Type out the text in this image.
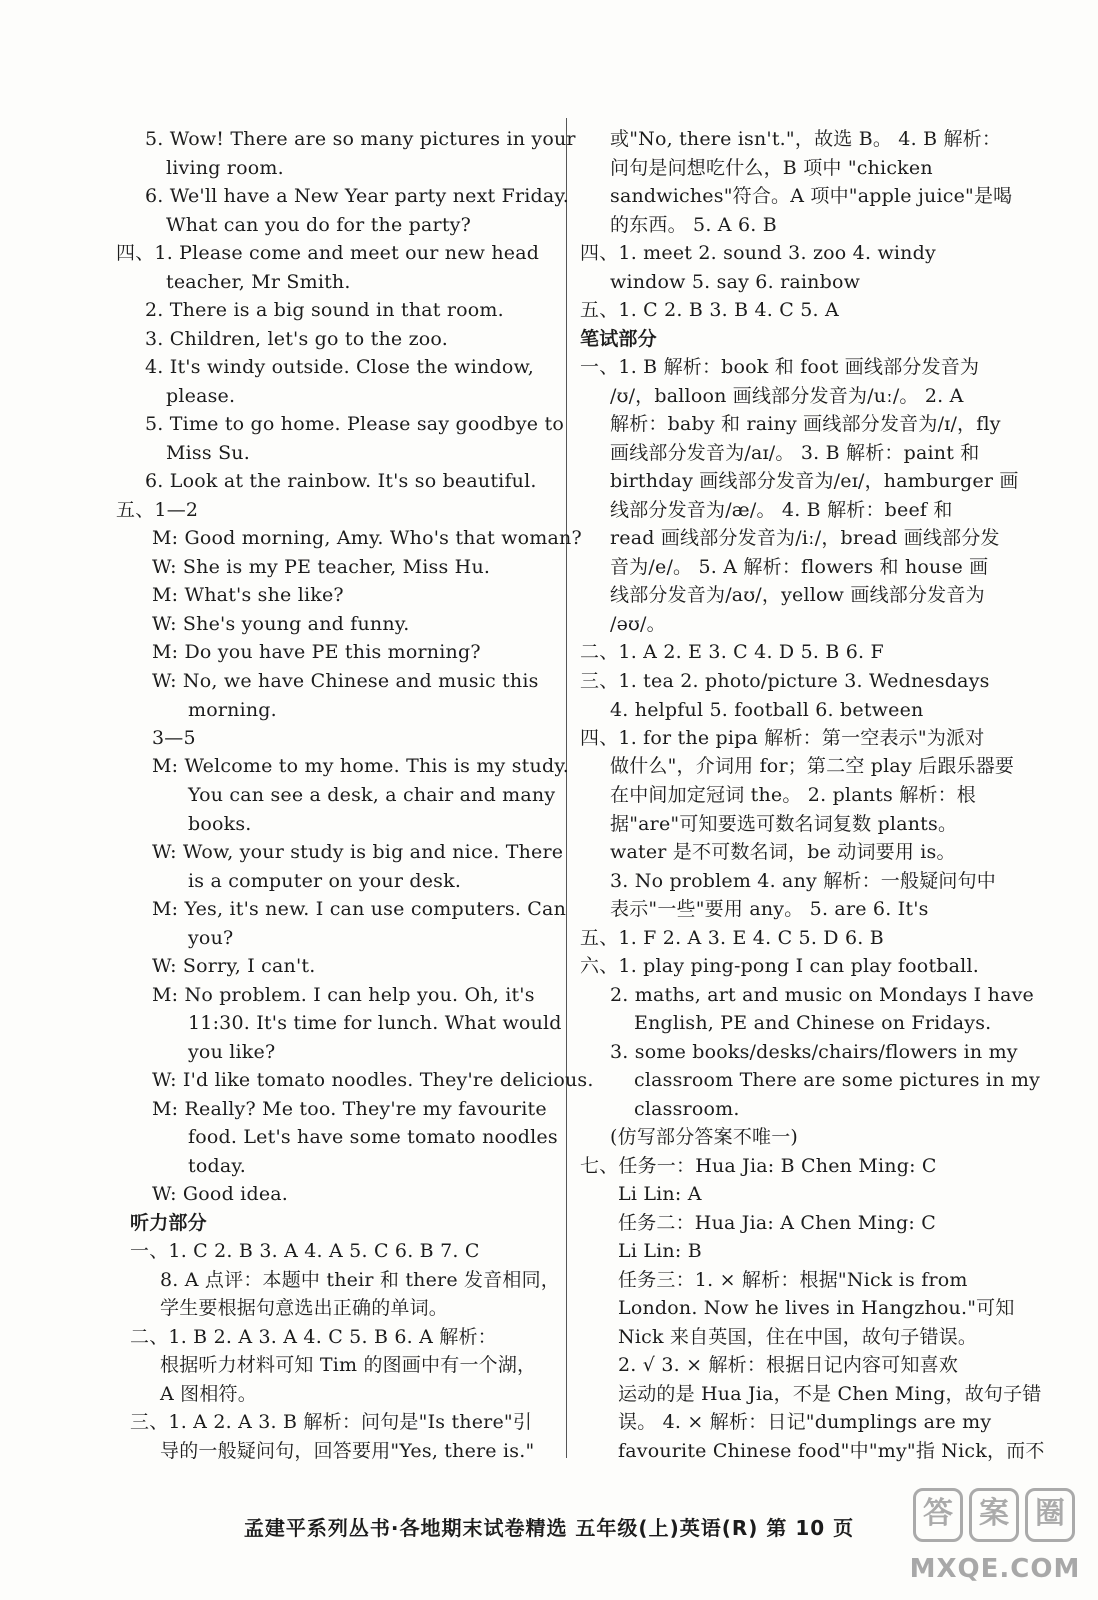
5. Wow! There are so many pictures in your
living room.
6. We'll have a New Year party next Friday.
What can you do for the party?
四、1. Please come and meet our new head
teacher, Mr Smith.
2. There is a big sound in that room.
3. Children, let's go to the zoo.
4. It's windy outside. Close the window,
please.
5. Time to go home. Please say goodbye to
Miss Su.
6. Look at the rainbow. It's so beautiful.
五、1—2
M: Good morning, Amy. Who's that woman?
W: She is my PE teacher, Miss Hu.
M: What's she like?
W: She's young and funny.
M: Do you have PE this morning?
W: No, we have Chinese and music this
morning.
3—5
M: Welcome to my home. This is my study.
You can see a desk, a chair and many
books.
W: Wow, your study is big and nice. There
is a computer on your desk.
M: Yes, it's new. I can use computers. Can
you?
W: Sorry, I can't.
M: No problem. I can help you. Oh, it's
11:30. It's time for lunch. What would
you like?
W: I'd like tomato noodles. They're delicious.
M: Really? Me too. They're my favourite
food. Let's have some tomato noodles
today.
W: Good idea.
听力部分
一、1. C 2. B 3. A 4. A 5. C 6. B 7. C
8. A 点评：本题中 their 和 there 发音相同，
学生要根据句意选出正确的单词。
二、1. B 2. A 3. A 4. C 5. B 6. A 解析：
根据听力材料可知 Tim 的图画中有一个湖，
A 图相符。
三、1. A 2. A 3. B 解析：问句是"Is there"引
导的一般疑问句，回答要用"Yes, there is."
或"No, there isn't."，故选 B。 4. B 解析：
问句是问想吃什么，B 项中 "chicken
sandwiches"符合。A 项中"apple juice"是喝
的东西。 5. A 6. B
四、1. meet 2. sound 3. zoo 4. windy
window 5. say 6. rainbow
五、1. C 2. B 3. B 4. C 5. A
笔试部分
一、1. B 解析：book 和 foot 画线部分发音为
/ʊ/，balloon 画线部分发音为/uː/。 2. A
解析：baby 和 rainy 画线部分发音为/ɪ/，fly
画线部分发音为/aɪ/。 3. B 解析：paint 和
birthday 画线部分发音为/eɪ/，hamburger 画
线部分发音为/æ/。 4. B 解析：beef 和
read 画线部分发音为/iː/，bread 画线部分发
音为/e/。 5. A 解析：flowers 和 house 画
线部分发音为/aʊ/，yellow 画线部分发音为
/əʊ/。
二、1. A 2. E 3. C 4. D 5. B 6. F
三、1. tea 2. photo/picture 3. Wednesdays
4. helpful 5. football 6. between
四、1. for the pipa 解析：第一空表示"为派对
做什么"，介词用 for；第二空 play 后跟乐器要
在中间加定冠词 the。 2. plants 解析：根
据"are"可知要选可数名词复数 plants。
water 是不可数名词，be 动词要用 is。
3. No problem 4. any 解析：一般疑问句中
表示"一些"要用 any。 5. are 6. It's
五、1. F 2. A 3. E 4. C 5. D 6. B
六、1. play ping-pong I can play football.
2. maths, art and music on Mondays I have
English, PE and Chinese on Fridays.
3. some books/desks/chairs/flowers in my
classroom There are some pictures in my
classroom.
(仿写部分答案不唯一)
七、任务一：Hua Jia: B Chen Ming: C
Li Lin: A
任务二：Hua Jia: A Chen Ming: C
Li Lin: B
任务三：1. × 解析：根据"Nick is from
London. Now he lives in Hangzhou."可知
Nick 来自英国，住在中国，故句子错误。
2. √ 3. × 解析：根据日记内容可知喜欢
运动的是 Hua Jia，不是 Chen Ming，故句子错
误。 4. × 解析：日记"dumplings are my
favourite Chinese food"中"my"指 Nick，而不
孟建平系列丛书·各地期末试卷精选 五年级(上)英语(R) 第 10 页	答 案 圈
MXQE.COM
